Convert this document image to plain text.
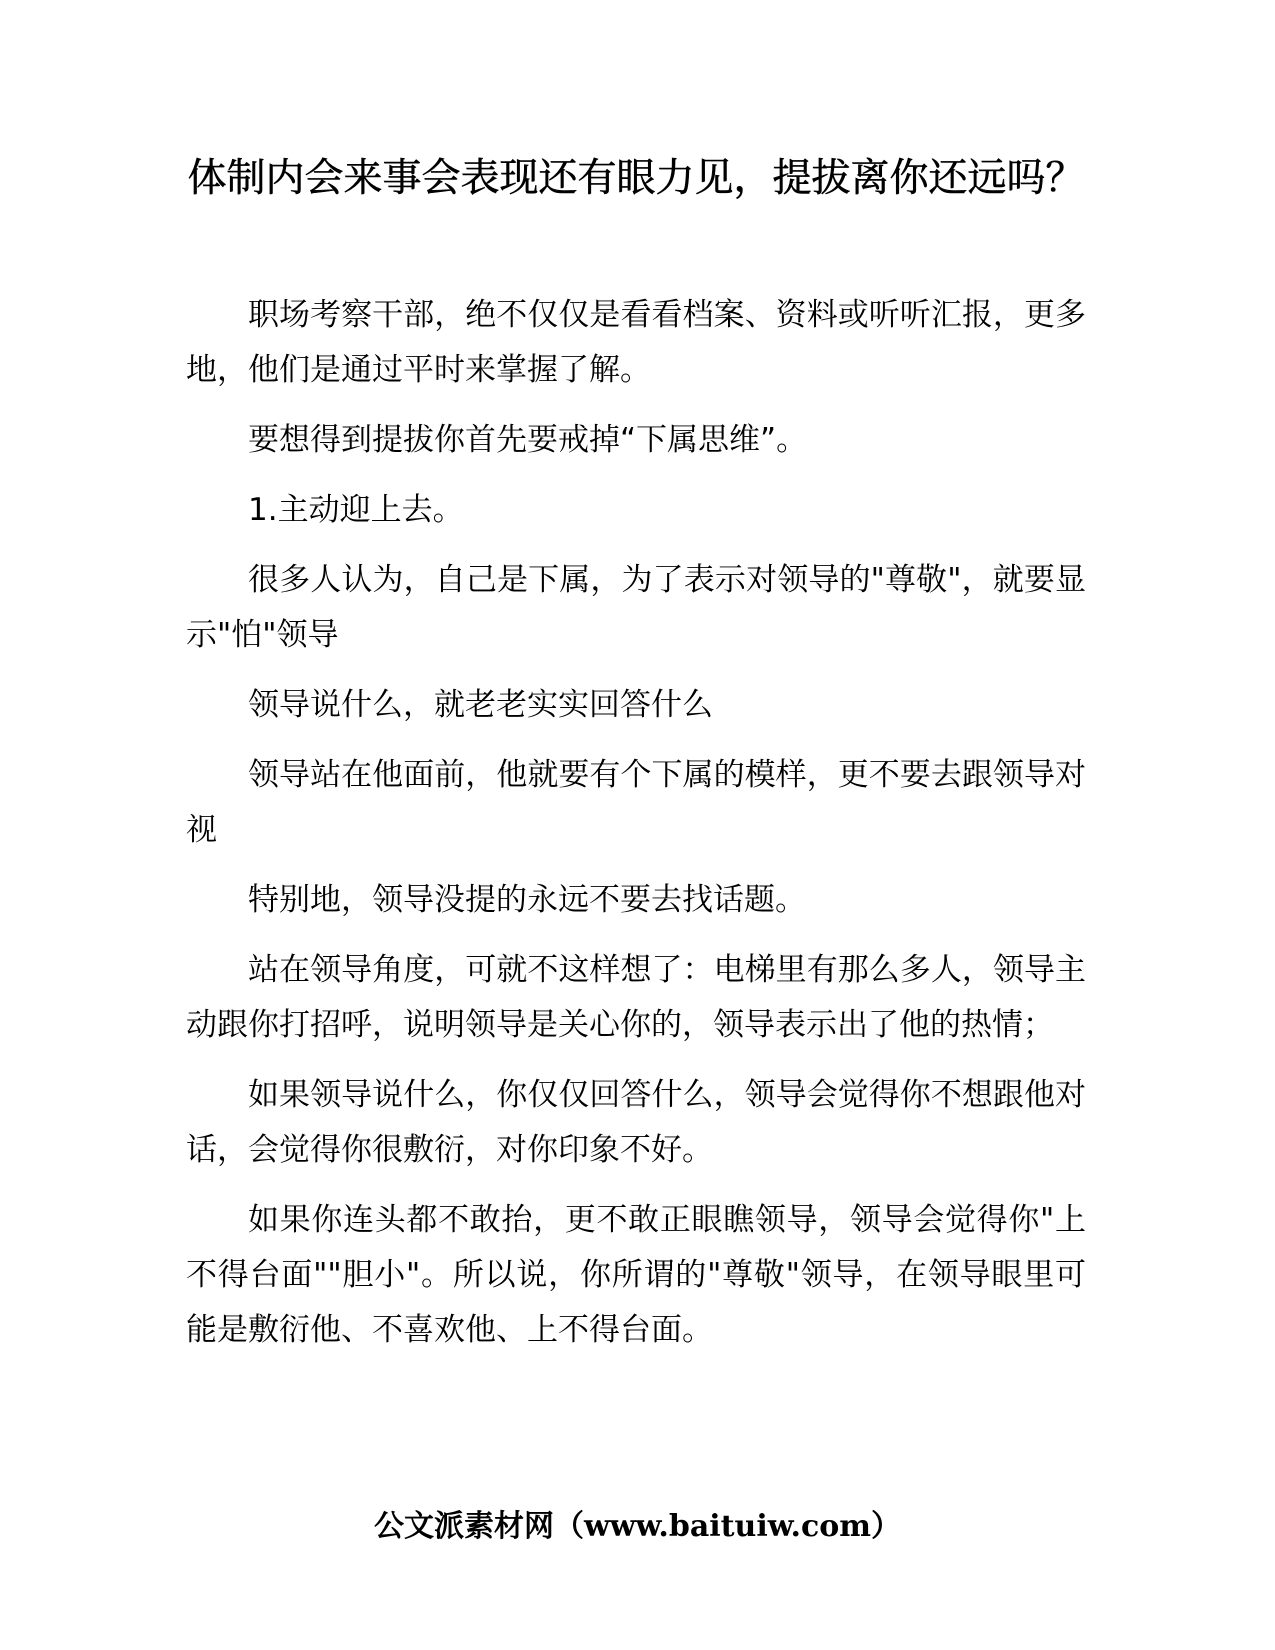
体制内会来事会表现还有眼力见，提拔离你还远吗？

职场考察干部，绝不仅仅是看看档案、资料或听听汇报，更多地，他们是通过平时来掌握了解。

要想得到提拔你首先要戒掉“下属思维”。

1.主动迎上去。

很多人认为，自己是下属，为了表示对领导的"尊敬"，就要显示"怕"领导

领导说什么，就老老实实回答什么

领导站在他面前，他就要有个下属的模样，更不要去跟领导对视

特别地，领导没提的永远不要去找话题。

站在领导角度，可就不这样想了：电梯里有那么多人，领导主动跟你打招呼，说明领导是关心你的，领导表示出了他的热情；

如果领导说什么，你仅仅回答什么，领导会觉得你不想跟他对话，会觉得你很敷衍，对你印象不好。

如果你连头都不敢抬，更不敢正眼瞧领导，领导会觉得你"上不得台面""胆小"。所以说，你所谓的"尊敬"领导，在领导眼里可能是敷衍他、不喜欢他、上不得台面。

公文派素材网（www.baituiw.com）
